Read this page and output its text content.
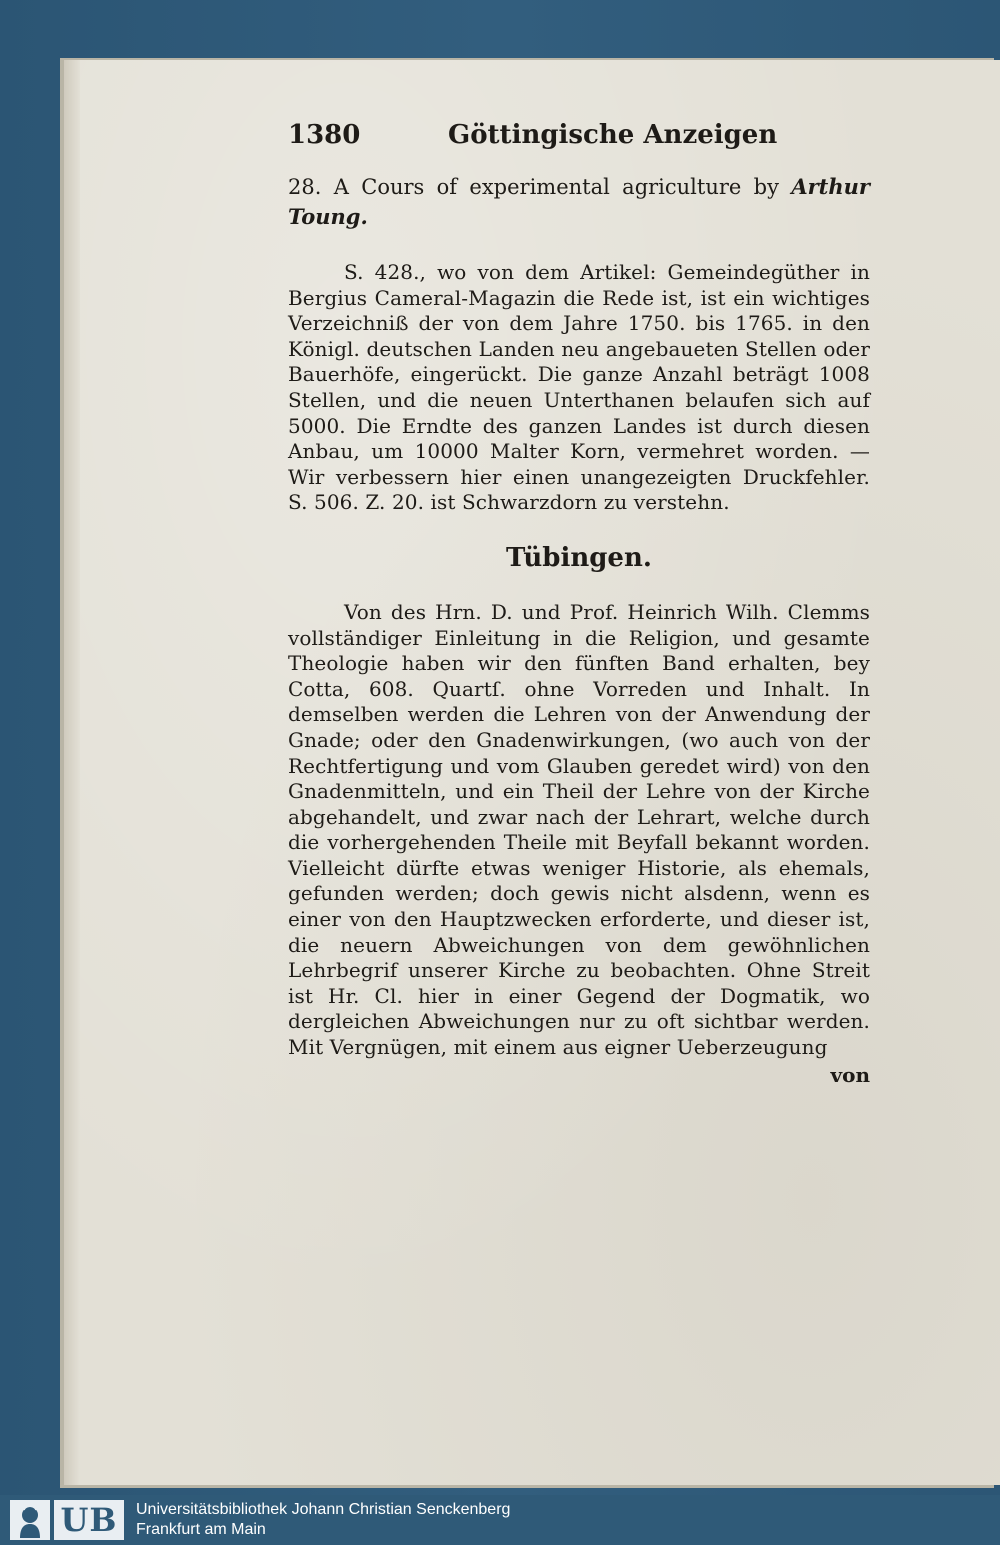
1380	Göttingische Anzeigen
28. A Cours of experimental agriculture by Arthur Toung.
S. 428., wo von dem Artikel: Gemeindegüther in Bergius Cameral-Magazin die Rede ist, ist ein wichtiges Verzeichniß der von dem Jahre 1750. bis 1765. in den Königl. deutschen Landen neu angebaueten Stellen oder Bauerhöfe, eingerückt. Die ganze Anzahl beträgt 1008 Stellen, und die neuen Unterthanen belaufen sich auf 5000. Die Erndte des ganzen Landes ist durch diesen Anbau, um 10000 Malter Korn, vermehret worden. — Wir verbessern hier einen unangezeigten Druckfehler. S. 506. Z. 20. ist Schwarzdorn zu verstehn.
Tübingen.
Von des Hrn. D. und Prof. Heinrich Wilh. Clemms vollständiger Einleitung in die Religion, und gesamte Theologie haben wir den fünften Band erhalten, bey Cotta, 608. Quartſ. ohne Vorreden und Inhalt. In demselben werden die Lehren von der Anwendung der Gnade; oder den Gnadenwirkungen, (wo auch von der Rechtfertigung und vom Glauben geredet wird) von den Gnadenmitteln, und ein Theil der Lehre von der Kirche abgehandelt, und zwar nach der Lehrart, welche durch die vorhergehenden Theile mit Beyfall bekannt worden. Vielleicht dürfte etwas weniger Historie, als ehemals, gefunden werden; doch gewis nicht alsdenn, wenn es einer von den Hauptzwecken erforderte, und dieser ist, die neuern Abweichungen von dem gewöhnlichen Lehrbegrif unserer Kirche zu beobachten. Ohne Streit ist Hr. Cl. hier in einer Gegend der Dogmatik, wo dergleichen Abweichungen nur zu oft sichtbar werden. Mit Vergnügen, mit einem aus eigner Ueberzeugung
von
UB	Universitätsbibliothek Johann Christian Senckenberg
Frankfurt am Main
